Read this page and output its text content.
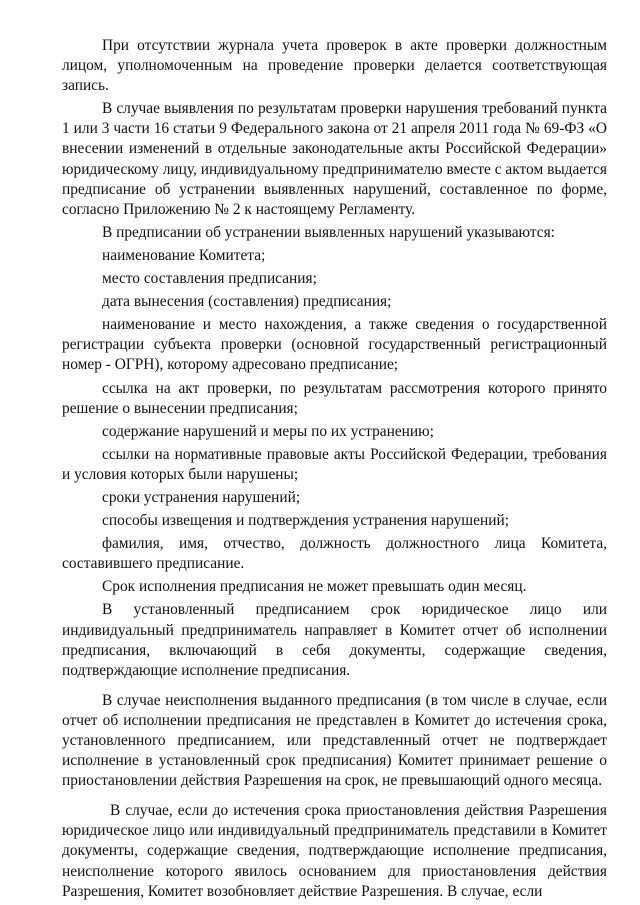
При отсутствии журнала учета проверок в акте проверки должностным лицом, уполномоченным на проведение проверки делается соответствующая запись.

В случае выявления по результатам проверки нарушения требований пункта 1 или 3 части 16 статьи 9 Федерального закона от 21 апреля 2011 года № 69-ФЗ «О внесении изменений в отдельные законодательные акты Российской Федерации» юридическому лицу, индивидуальному предпринимателю вместе с актом выдается предписание об устранении выявленных нарушений, составленное по форме, согласно Приложению № 2 к настоящему Регламенту.

В предписании об устранении выявленных нарушений указываются:

наименование Комитета;

место составления предписания;

дата вынесения (составления) предписания;

наименование и место нахождения, а также сведения о государственной регистрации субъекта проверки (основной государственный регистрационный номер - ОГРН), которому адресовано предписание;

ссылка на акт проверки, по результатам рассмотрения которого принято решение о вынесении предписания;

содержание нарушений и меры по их устранению;

ссылки на нормативные правовые акты Российской Федерации, требования и условия которых были нарушены;

сроки устранения нарушений;

способы извещения и подтверждения устранения нарушений;

фамилия, имя, отчество, должность должностного лица Комитета, составившего предписание.

Срок исполнения предписания не может превышать один месяц.

В установленный предписанием срок юридическое лицо или индивидуальный предприниматель направляет в Комитет отчет об исполнении предписания, включающий в себя документы, содержащие сведения, подтверждающие исполнение предписания.

В случае неисполнения выданного предписания (в том числе в случае, если отчет об исполнении предписания не представлен в Комитет до истечения срока, установленного предписанием, или представленный отчет не подтверждает исполнение в установленный срок предписания) Комитет принимает решение о приостановлении действия Разрешения на срок, не превышающий одного месяца.

В случае, если до истечения срока приостановления действия Разрешения юридическое лицо или индивидуальный предприниматель представили в Комитет документы, содержащие сведения, подтверждающие исполнение предписания, неисполнение которого явилось основанием для приостановления действия Разрешения, Комитет возобновляет действие Разрешения. В случае, если
